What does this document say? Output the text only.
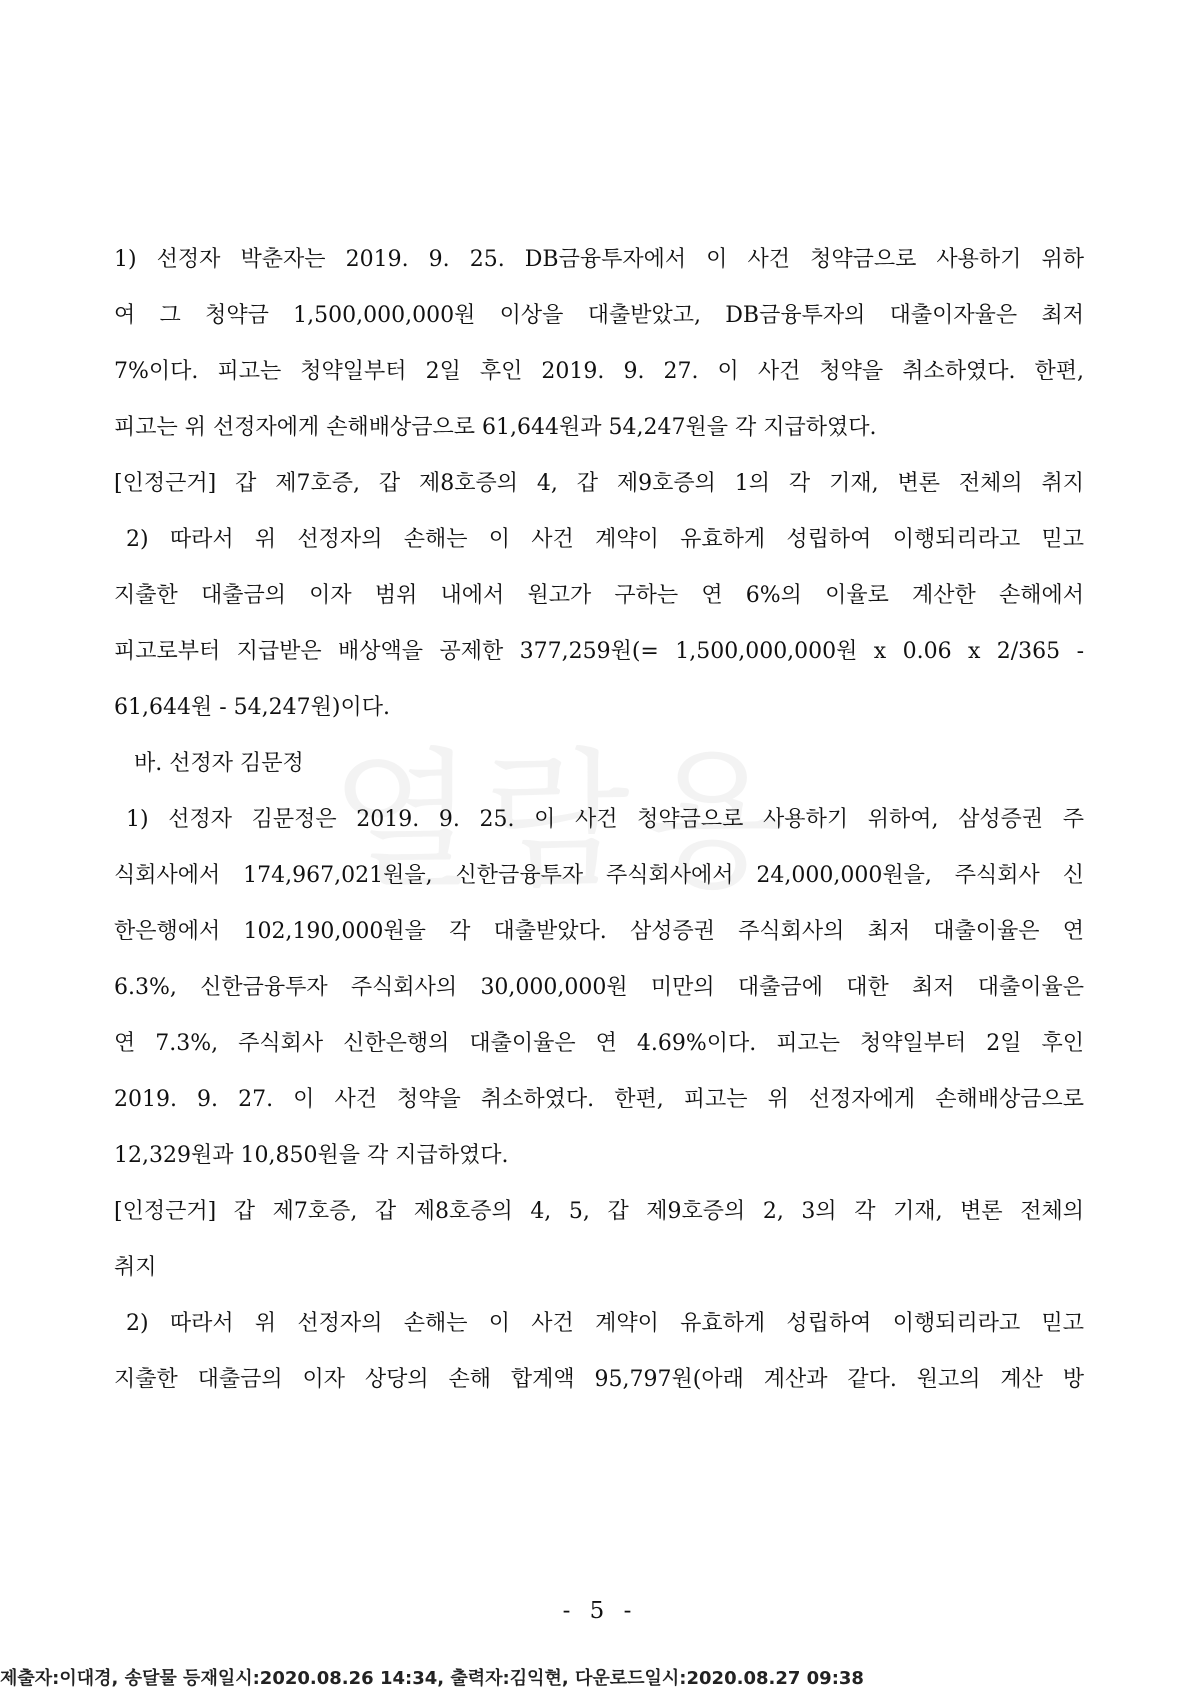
1) 선정자 박춘자는 2019. 9. 25. DB금융투자에서 이 사건 청약금으로 사용하기 위하
여 그 청약금 1,500,000,000원 이상을 대출받았고, DB금융투자의 대출이자율은 최저
7%이다. 피고는 청약일부터 2일 후인 2019. 9. 27. 이 사건 청약을 취소하였다. 한편,
피고는 위 선정자에게 손해배상금으로 61,644원과 54,247원을 각 지급하였다.
[인정근거] 갑 제7호증, 갑 제8호증의 4, 갑 제9호증의 1의 각 기재, 변론 전체의 취지
2) 따라서 위 선정자의 손해는 이 사건 계약이 유효하게 성립하여 이행되리라고 믿고
지출한 대출금의 이자 범위 내에서 원고가 구하는 연 6%의 이율로 계산한 손해에서
피고로부터 지급받은 배상액을 공제한 377,259원(= 1,500,000,000원 x 0.06 x 2/365 -
61,644원 - 54,247원)이다.
바. 선정자 김문정
1) 선정자 김문정은 2019. 9. 25. 이 사건 청약금으로 사용하기 위하여, 삼성증권 주
식회사에서 174,967,021원을, 신한금융투자 주식회사에서 24,000,000원을, 주식회사 신
한은행에서 102,190,000원을 각 대출받았다. 삼성증권 주식회사의 최저 대출이율은 연
6.3%, 신한금융투자 주식회사의 30,000,000원 미만의 대출금에 대한 최저 대출이율은
연 7.3%, 주식회사 신한은행의 대출이율은 연 4.69%이다. 피고는 청약일부터 2일 후인
2019. 9. 27. 이 사건 청약을 취소하였다. 한편, 피고는 위 선정자에게 손해배상금으로
12,329원과 10,850원을 각 지급하였다.
[인정근거] 갑 제7호증, 갑 제8호증의 4, 5, 갑 제9호증의 2, 3의 각 기재, 변론 전체의
취지
2) 따라서 위 선정자의 손해는 이 사건 계약이 유효하게 성립하여 이행되리라고 믿고
지출한 대출금의 이자 상당의 손해 합계액 95,797원(아래 계산과 같다. 원고의 계산 방
- 5 -
제출자:이대경, 송달물 등재일시:2020.08.26 14:34, 출력자:김익현, 다운로드일시:2020.08.27 09:38
